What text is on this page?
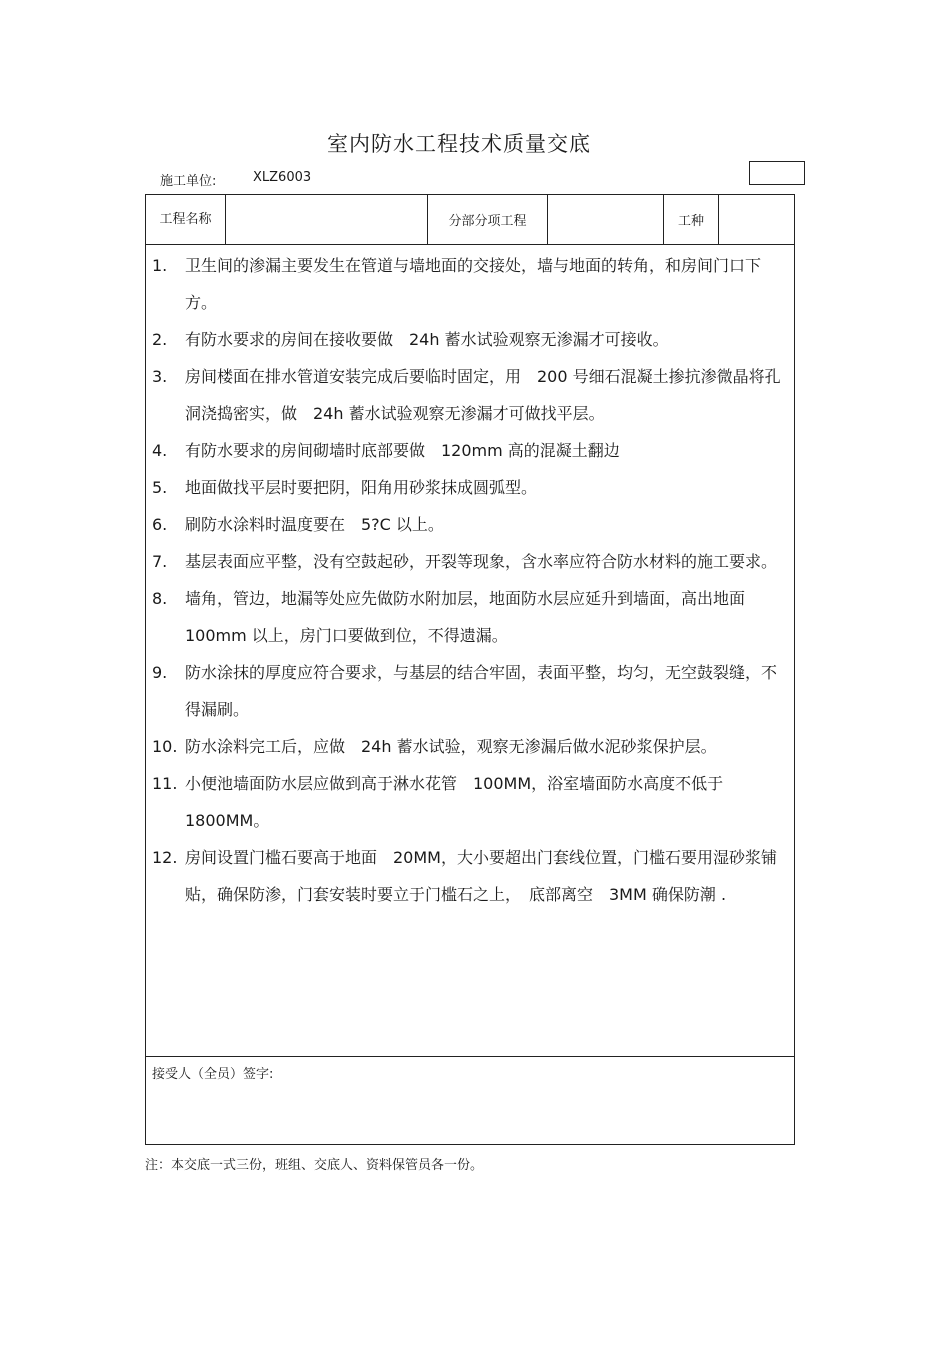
室内防水工程技术质量交底
施工单位:	XLZ6003
工程名称	分部分项工程	工种
1. 卫生间的渗漏主要发生在管道与墙地面的交接处，墙与地面的转角，和房间门口下方。
2. 有防水要求的房间在接收要做　24h 蓄水试验观察无渗漏才可接收。
3. 房间楼面在排水管道安装完成后要临时固定，用　200 号细石混凝土掺抗渗微晶将孔洞浇捣密实，做　24h 蓄水试验观察无渗漏才可做找平层。
4. 有防水要求的房间砌墙时底部要做　120mm 高的混凝土翻边
5. 地面做找平层时要把阴，阳角用砂浆抹成圆弧型。
6. 刷防水涂料时温度要在　5?C 以上。
7. 基层表面应平整，没有空鼓起砂，开裂等现象，含水率应符合防水材料的施工要求。
8. 墙角，管边，地漏等处应先做防水附加层，地面防水层应延升到墙面，高出地面　100mm 以上，房门口要做到位，不得遗漏。
9. 防水涂抹的厚度应符合要求，与基层的结合牢固，表面平整，均匀，无空鼓裂缝，不得漏刷。
10. 防水涂料完工后，应做　24h 蓄水试验，观察无渗漏后做水泥砂浆保护层。
11. 小便池墙面防水层应做到高于淋水花管　100MM，浴室墙面防水高度不低于 1800MM。
12. 房间设置门槛石要高于地面　20MM，大小要超出门套线位置，门槛石要用湿砂浆铺贴，确保防渗，门套安装时要立于门槛石之上，　底部离空　3MM 确保防潮 .
接受人（全员）签字:
注：本交底一式三份，班组、交底人、资料保管员各一份。
